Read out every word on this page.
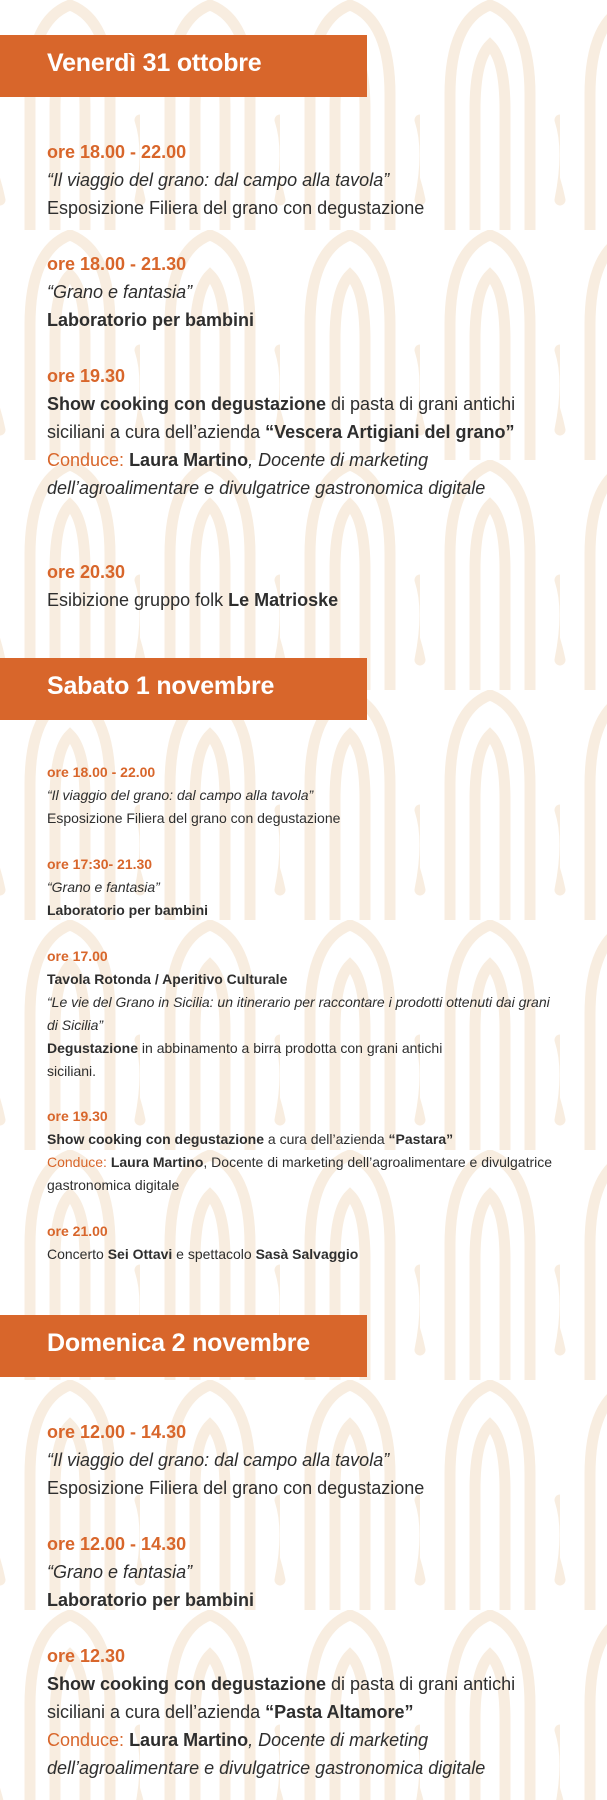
Venerdì 31 ottobre
ore 18.00 - 22.00
“Il viaggio del grano: dal campo alla tavola”
Esposizione Filiera del grano con degustazione
ore 18.00 - 21.30
“Grano e fantasia”
Laboratorio per bambini
ore 19.30
Show cooking con degustazione di pasta di grani antichi siciliani a cura dell’azienda “Vescera Artigiani del grano”
Conduce: Laura Martino, Docente di marketing dell’agroalimentare e divulgatrice gastronomica digitale
ore 20.30
Esibizione gruppo folk Le Matrioske
Sabato 1 novembre
ore 18.00 - 22.00
“Il viaggio del grano: dal campo alla tavola”
Esposizione Filiera del grano con degustazione
ore 17:30- 21.30
“Grano e fantasia”
Laboratorio per bambini
ore 17.00
Tavola Rotonda / Aperitivo Culturale
“Le vie del Grano in Sicilia: un itinerario per raccontare i prodotti ottenuti dai grani di Sicilia”
Degustazione in abbinamento a birra prodotta con grani antichi siciliani.
ore 19.30
Show cooking con degustazione a cura dell’azienda “Pastara”
Conduce: Laura Martino, Docente di marketing dell’agroalimentare e divulgatrice gastronomica digitale
ore 21.00
Concerto Sei Ottavi e spettacolo Sasà Salvaggio
Domenica 2 novembre
ore 12.00 - 14.30
“Il viaggio del grano: dal campo alla tavola”
Esposizione Filiera del grano con degustazione
ore 12.00 - 14.30
“Grano e fantasia”
Laboratorio per bambini
ore 12.30
Show cooking con degustazione di pasta di grani antichi siciliani a cura dell’azienda “Pasta Altamore”
Conduce: Laura Martino, Docente di marketing dell’agroalimentare e divulgatrice gastronomica digitale
